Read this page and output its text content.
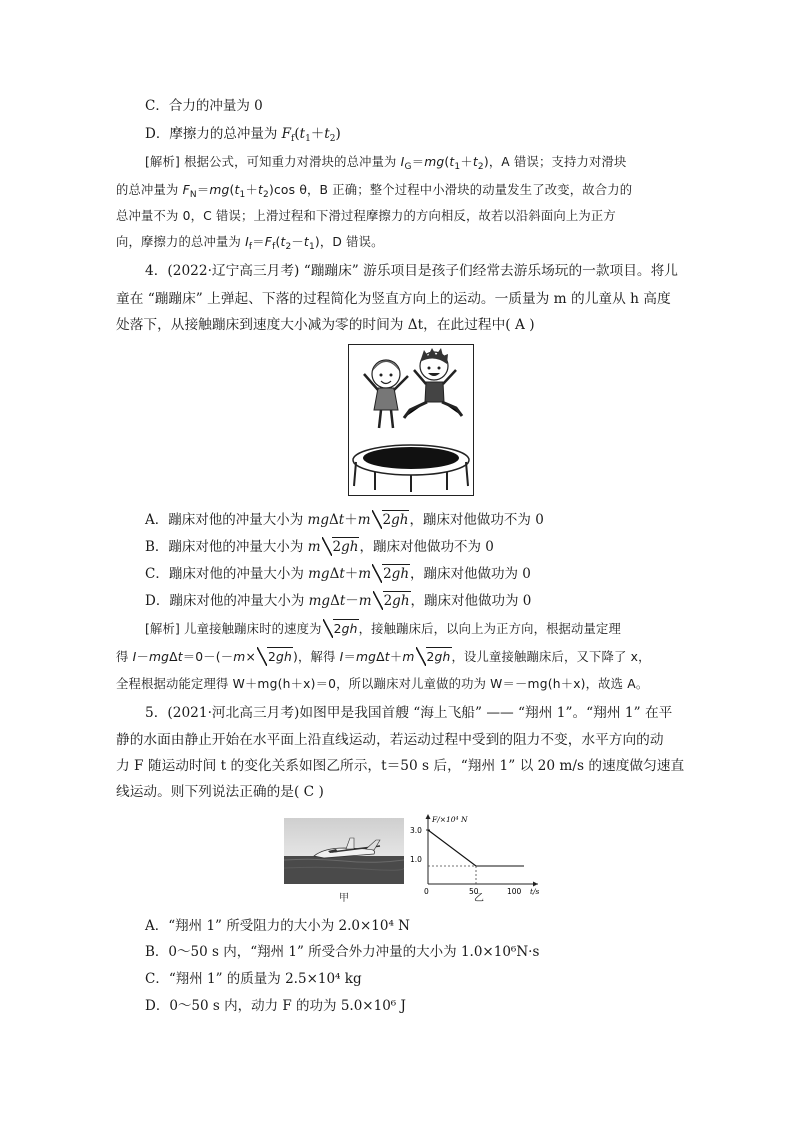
C．合力的冲量为 0
D．摩擦力的总冲量为 $F_f(t_1+t_2)$
[解析] 根据公式，可知重力对滑块的总冲量为 $I_G=mg(t_1+t_2)$，A 错误；支持力对滑块
的总冲量为 $F_N=mg(t_1+t_2)\cos$ θ，B 正确；整个过程中小滑块的动量发生了改变，故合力的
总冲量不为 0，C 错误；上滑过程和下滑过程摩擦力的方向相反，故若以沿斜面向上为正方
向，摩擦力的总冲量为 $I_f=F_f(t_2-t_1)$，D 错误。
4．(2022·辽宁高三月考) “蹦蹦床” 游乐项目是孩子们经常去游乐场玩的一款项目。将儿
童在 “蹦蹦床” 上弹起、下落的过程简化为竖直方向上的运动。一质量为 m 的儿童从 h 高度
处落下，从接触蹦床到速度大小减为零的时间为 Δt，在此过程中( A )
A．蹦床对他的冲量大小为 mgΔt＋m 2gh，蹦床对他做功不为 0
B．蹦床对他的冲量大小为 m 2gh，蹦床对他做功不为 0
C．蹦床对他的冲量大小为 mgΔt＋m 2gh，蹦床对他做功为 0
D．蹦床对他的冲量大小为 mgΔt－m 2gh，蹦床对他做功为 0
[解析] 儿童接触蹦床时的速度为 2gh，接触蹦床后，以向上为正方向，根据动量定理
得 I－mgΔt＝0－(－m× 2gh)，解得 I＝mgΔt＋m 2gh，设儿童接触蹦床后，又下降了 x，
全程根据动能定理得 W＋mg(h＋x)＝0，所以蹦床对儿童做的功为 W＝－mg(h＋x)，故选 A。
5．(2021·河北高三月考)如图甲是我国首艘 “海上飞船” —— “翔州 1”。“翔州 1” 在平
静的水面由静止开始在水平面上沿直线运动，若运动过程中受到的阻力不变，水平方向的动
力 F 随运动时间 t 的变化关系如图乙所示，t＝50 s 后，“翔州 1” 以 20 m/s 的速度做匀速直
线运动。则下列说法正确的是( C )
甲
F/×10⁴ N
t/s
0
3.0
1.0
50	100
乙
A．“翔州 1” 所受阻力的大小为 2.0×10⁴ N
B．0～50 s 内，“翔州 1” 所受合外力冲量的大小为 1.0×10⁶N·s
C．“翔州 1” 的质量为 2.5×10⁴ kg
D．0～50 s 内，动力 F 的功为 5.0×10⁶ J
